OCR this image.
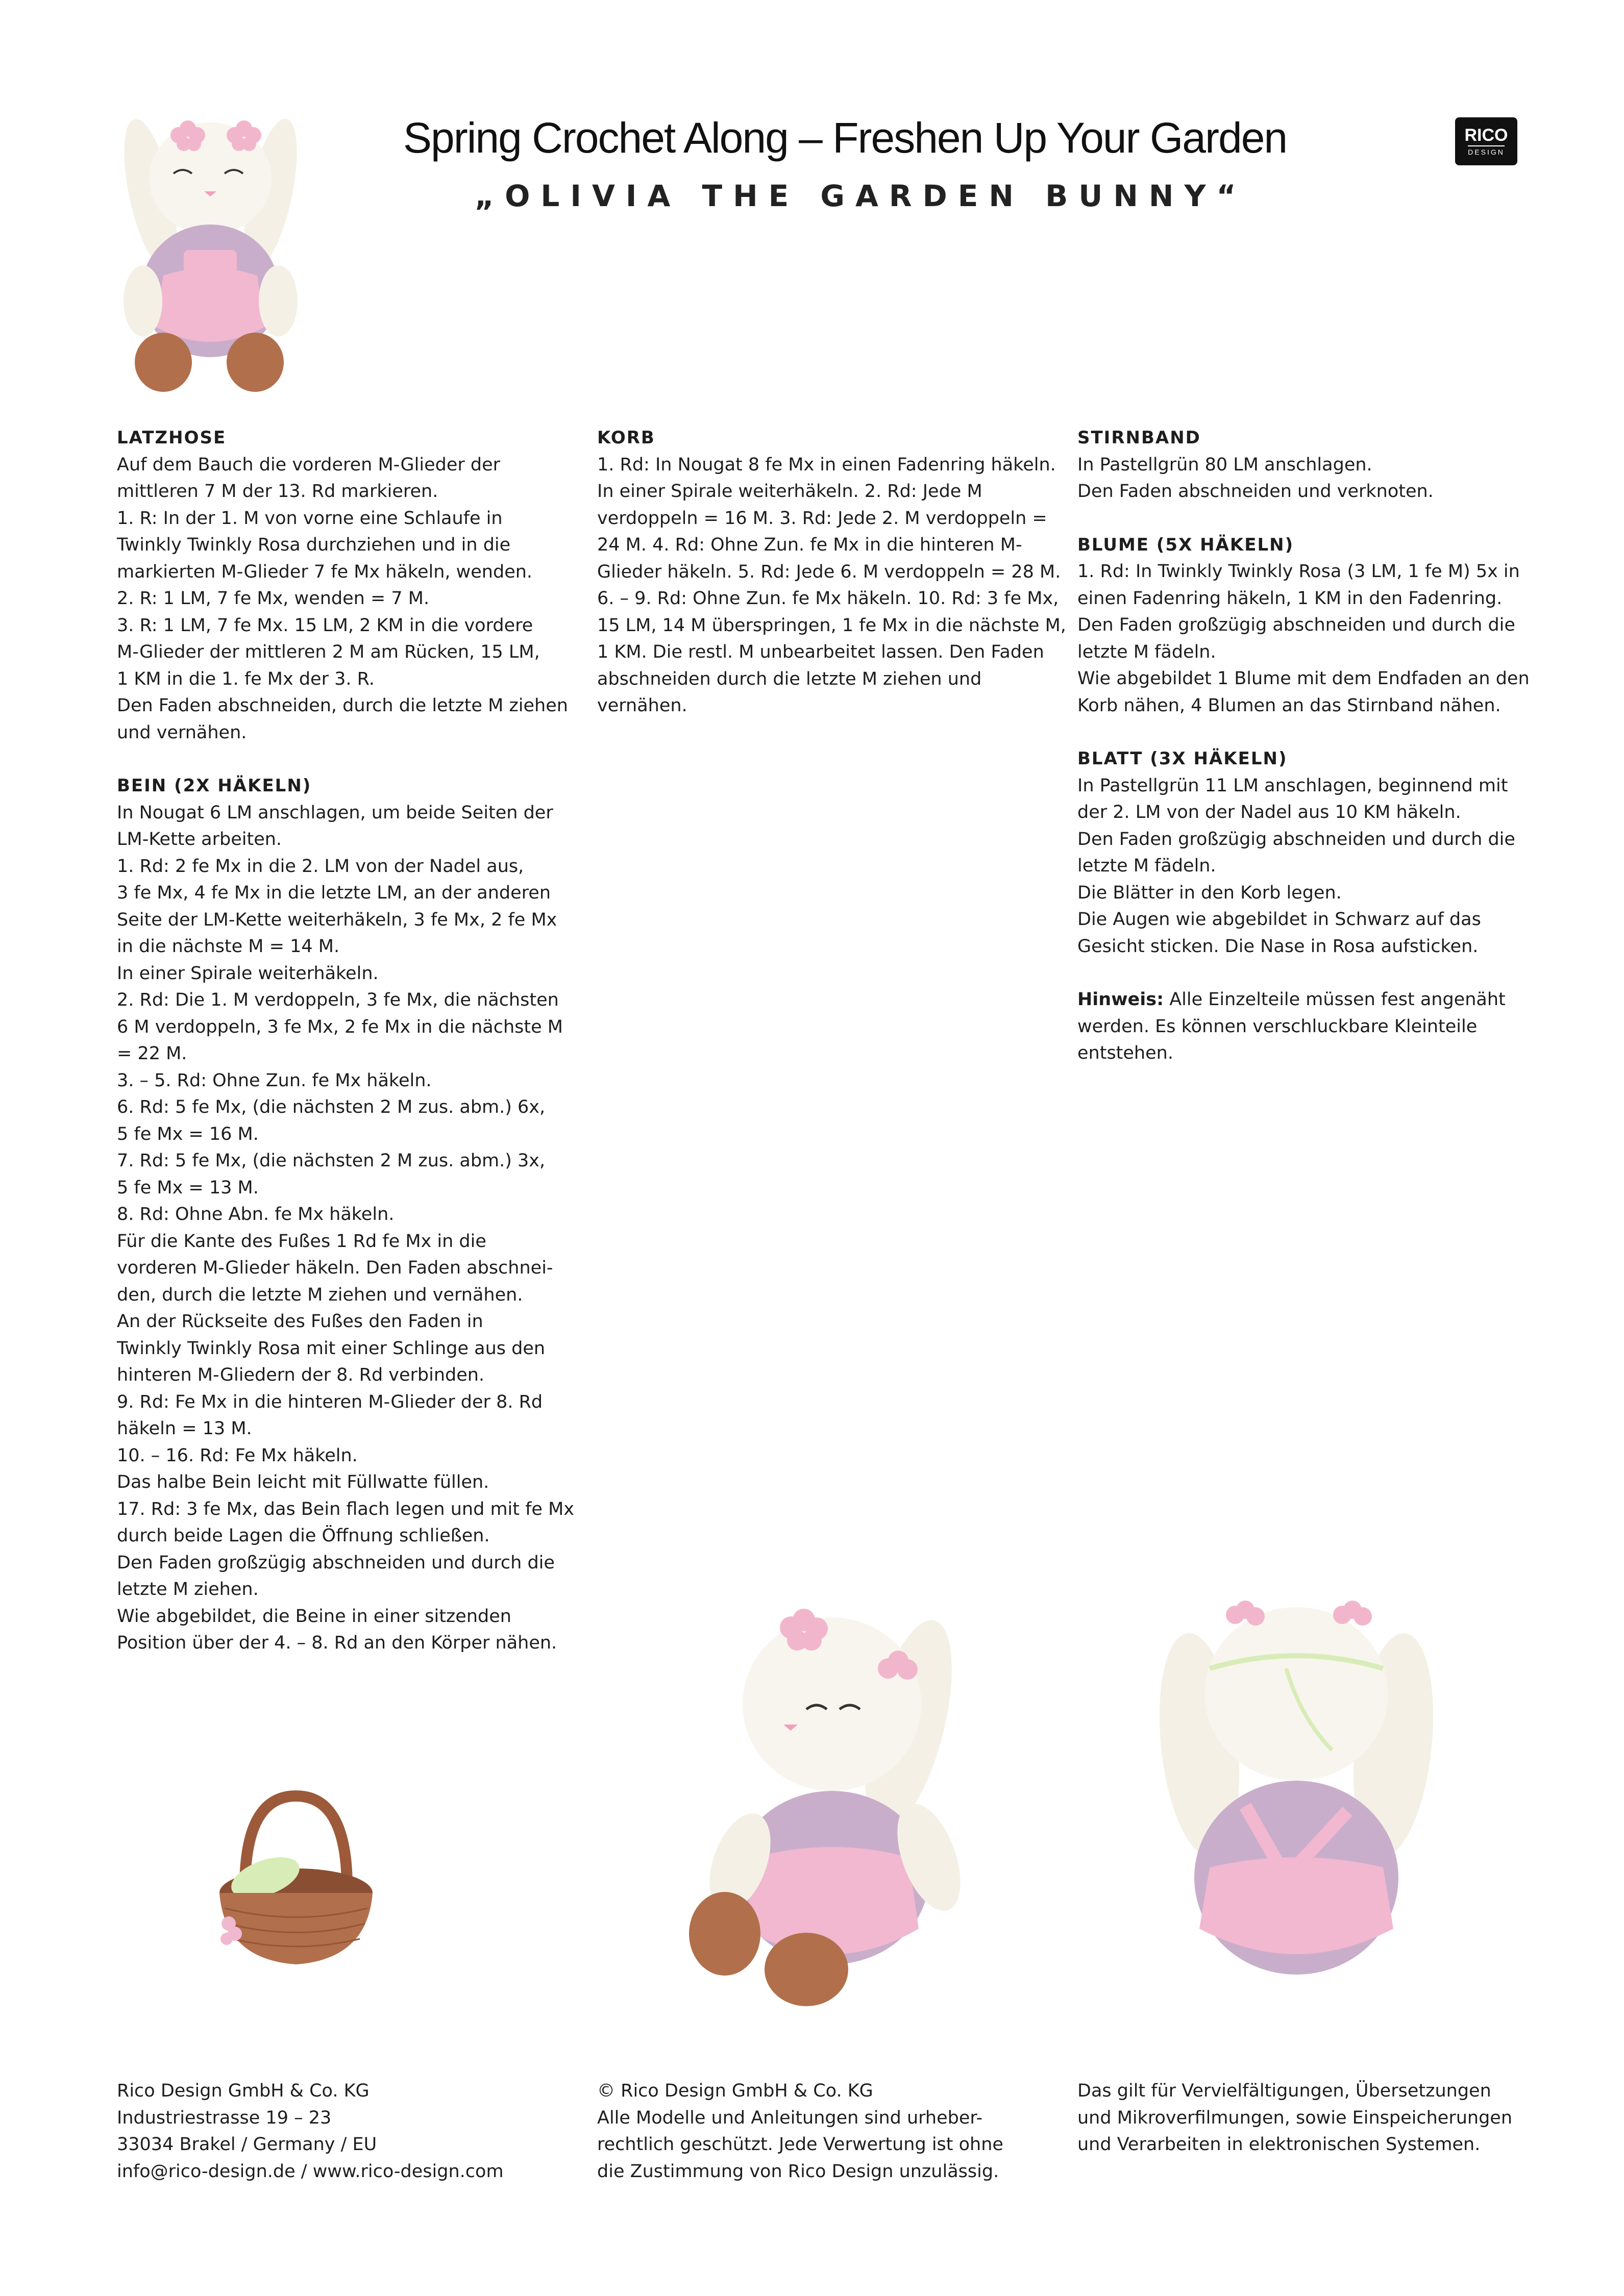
Spring Crochet Along – Freshen Up Your Garden
„OLIVIA THE GARDEN BUNNY“
RICO
DESIGN

LATZHOSE

Auf dem Bauch die vorderen M-Glieder der
mittleren 7 M der 13. Rd markieren.
1. R: In der 1. M von vorne eine Schlaufe in
Twinkly Twinkly Rosa durchziehen und in die
markierten M-Glieder 7 fe Mx häkeln, wenden.
2. R: 1 LM, 7 fe Mx, wenden = 7 M.
3. R: 1 LM, 7 fe Mx. 15 LM, 2 KM in die vordere
M-Glieder der mittleren 2 M am Rücken, 15 LM,
1 KM in die 1. fe Mx der 3. R.
Den Faden abschneiden, durch die letzte M ziehen
und vernähen.

BEIN (2X HÄKELN)

In Nougat 6 LM anschlagen, um beide Seiten der
LM-Kette arbeiten.
1. Rd: 2 fe Mx in die 2. LM von der Nadel aus,
3 fe Mx, 4 fe Mx in die letzte LM, an der anderen
Seite der LM-Kette weiterhäkeln, 3 fe Mx, 2 fe Mx
in die nächste M = 14 M.
In einer Spirale weiterhäkeln.
2. Rd: Die 1. M verdoppeln, 3 fe Mx, die nächsten
6 M verdoppeln, 3 fe Mx, 2 fe Mx in die nächste M
= 22 M.
3. – 5. Rd: Ohne Zun. fe Mx häkeln.
6. Rd: 5 fe Mx, (die nächsten 2 M zus. abm.) 6x,
5 fe Mx = 16 M.
7. Rd: 5 fe Mx, (die nächsten 2 M zus. abm.) 3x,
5 fe Mx = 13 M.
8. Rd: Ohne Abn. fe Mx häkeln.
Für die Kante des Fußes 1 Rd fe Mx in die
vorderen M-Glieder häkeln. Den Faden abschnei-
den, durch die letzte M ziehen und vernähen.
An der Rückseite des Fußes den Faden in
Twinkly Twinkly Rosa mit einer Schlinge aus den
hinteren M-Gliedern der 8. Rd verbinden.
9. Rd: Fe Mx in die hinteren M-Glieder der 8. Rd
häkeln = 13 M.
10. – 16. Rd: Fe Mx häkeln.
Das halbe Bein leicht mit Füllwatte füllen.
17. Rd: 3 fe Mx, das Bein flach legen und mit fe Mx
durch beide Lagen die Öffnung schließen.
Den Faden großzügig abschneiden und durch die
letzte M ziehen.
Wie abgebildet, die Beine in einer sitzenden
Position über der 4. – 8. Rd an den Körper nähen.

KORB

1. Rd: In Nougat 8 fe Mx in einen Fadenring häkeln.
In einer Spirale weiterhäkeln. 2. Rd: Jede M
verdoppeln = 16 M. 3. Rd: Jede 2. M verdoppeln =
24 M. 4. Rd: Ohne Zun. fe Mx in die hinteren M-
Glieder häkeln. 5. Rd: Jede 6. M verdoppeln = 28 M.
6. – 9. Rd: Ohne Zun. fe Mx häkeln. 10. Rd: 3 fe Mx,
15 LM, 14 M überspringen, 1 fe Mx in die nächste M,
1 KM. Die restl. M unbearbeitet lassen. Den Faden
abschneiden durch die letzte M ziehen und
vernähen.

STIRNBAND

In Pastellgrün 80 LM anschlagen.
Den Faden abschneiden und verknoten.

BLUME (5X HÄKELN)

1. Rd: In Twinkly Twinkly Rosa (3 LM, 1 fe M) 5x in
einen Fadenring häkeln, 1 KM in den Fadenring.
Den Faden großzügig abschneiden und durch die
letzte M fädeln.
Wie abgebildet 1 Blume mit dem Endfaden an den
Korb nähen, 4 Blumen an das Stirnband nähen.

BLATT (3X HÄKELN)

In Pastellgrün 11 LM anschlagen, beginnend mit
der 2. LM von der Nadel aus 10 KM häkeln.
Den Faden großzügig abschneiden und durch die
letzte M fädeln.
Die Blätter in den Korb legen.
Die Augen wie abgebildet in Schwarz auf das
Gesicht sticken. Die Nase in Rosa aufsticken.
Hinweis: Alle Einzelteile müssen fest angenäht
werden. Es können verschluckbare Kleinteile
entstehen.
Rico Design GmbH & Co. KG
Industriestrasse 19 – 23
33034 Brakel / Germany / EU
info@rico-design.de / www.rico-design.com
© Rico Design GmbH & Co. KG
Alle Modelle und Anleitungen sind urheber-
rechtlich geschützt. Jede Verwertung ist ohne
die Zustimmung von Rico Design unzulässig.
Das gilt für Vervielfältigungen, Übersetzungen
und Mikroverfilmungen, sowie Einspeicherungen
und Verarbeiten in elektronischen Systemen.
